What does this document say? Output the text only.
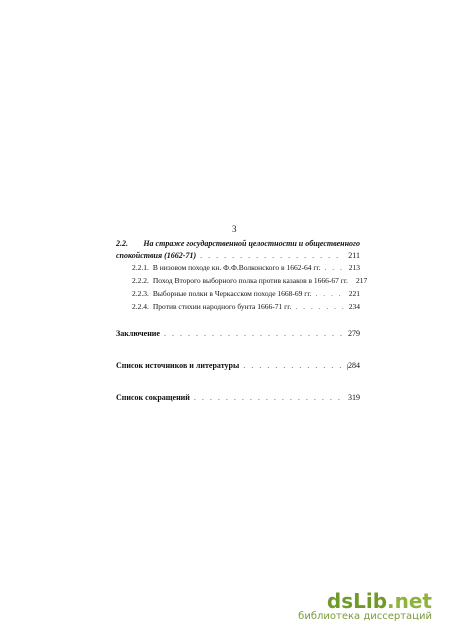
3
2.2. На страже государственной целостности и общественного
спокойствия (1662-71) . . .	211
2.2.1. В низовом походе кн. Ф.Ф.Волконского в 1662-64 гг. . . .	213
2.2.2. Поход Второго выборного полка против казаков в 1666-67 гг. 217
2.2.3. Выборные полки в Черкасском походе 1668-69 гг. . . .	221
2.2.4. Против стихии народного бунта 1666-71 гг. . . .	234
Заключение . . .	279
Список источников и литературы . . .	284
Список сокращений . . .	319
dsLib.net
библиотека диссертаций
